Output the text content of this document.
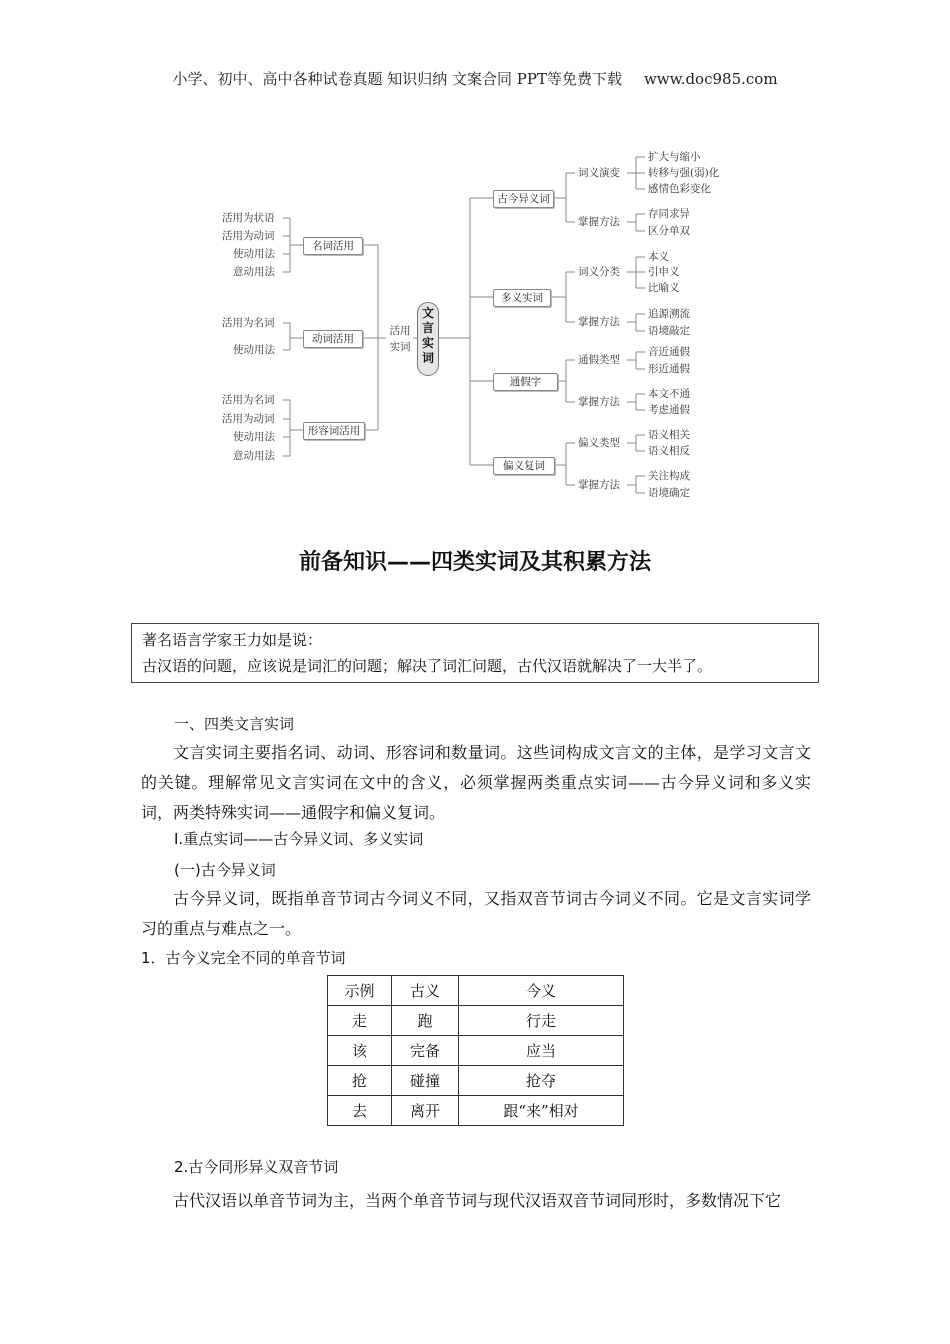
小学、初中、高中各种试卷真题 知识归纳 文案合同 PPT等免费下载 www.doc985.com
活用为状语
活用为动词
使动用法
意动用法
活用为名词
使动用法
活用为名词
活用为动词
使动用法
意动用法
名词活用
动词活用
形容词活用
活用
实词
文
言
实
词
古今异义词
多义实词
通假字
偏义复词
词义演变
掌握方法
词义分类
掌握方法
通假类型
掌握方法
偏义类型
掌握方法
扩大与缩小
转移与强(弱)化
感情色彩变化
存同求异
区分单双
本义
引申义
比喻义
追源溯流
语境敲定
音近通假
形近通假
本文不通
考虑通假
语义相关
语义相反
关注构成
语境确定
前备知识——四类实词及其积累方法
著名语言学家王力如是说：
古汉语的问题，应该说是词汇的问题；解决了词汇问题，古代汉语就解决了一大半了。
一、四类文言实词
文言实词主要指名词、动词、形容词和数量词。这些词构成文言文的主体，是学习文言文的关键。理解常见文言实词在文中的含义，必须掌握两类重点实词——古今异义词和多义实词，两类特殊实词——通假字和偏义复词。
Ⅰ.重点实词——古今异义词、多义实词
(一)古今异义词
古今异义词，既指单音节词古今词义不同，又指双音节词古今词义不同。它是文言实词学习的重点与难点之一。
1．古今义完全不同的单音节词
示例	古义	今义
走	跑	行走
该	完备	应当
抢	碰撞	抢夺
去	离开	跟“来”相对
2.古今同形异义双音节词
古代汉语以单音节词为主，当两个单音节词与现代汉语双音节词同形时，多数情况下它
